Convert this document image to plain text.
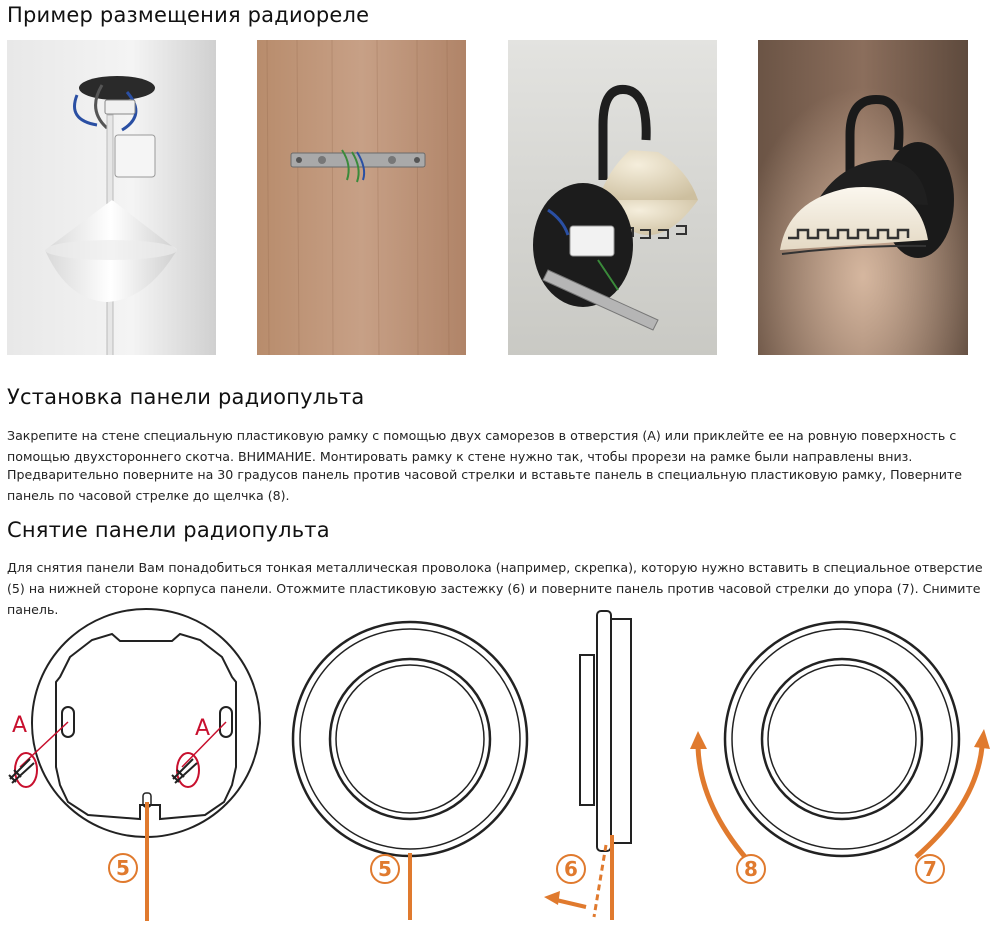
Пример размещения радиореле
Установка панели радиопульта

Закрепите на стене специальную пластиковую рамку с помощью двух саморезов в отверстия (А) или приклейте ее на ровную поверхность с помощью двухстороннего скотча. ВНИМАНИЕ. Монтировать рамку к стене нужно так, чтобы прорези на рамке были направлены вниз.

Предварительно поверните на 30 градусов панель против часовой стрелки и вставьте панель в специальную пластиковую рамку, Поверните панель по часовой стрелке до щелчка (8).

Снятие панели радиопульта

Для снятия панели Вам понадобиться тонкая металлическая проволока (например, скрепка), которую нужно вставить в специальное отверстие (5) на нижней стороне корпуса панели. Отожмите пластиковую застежку (6) и поверните панель против часовой стрелки до упора (7). Снимите панель.

A	A
5	5	6	8	7
